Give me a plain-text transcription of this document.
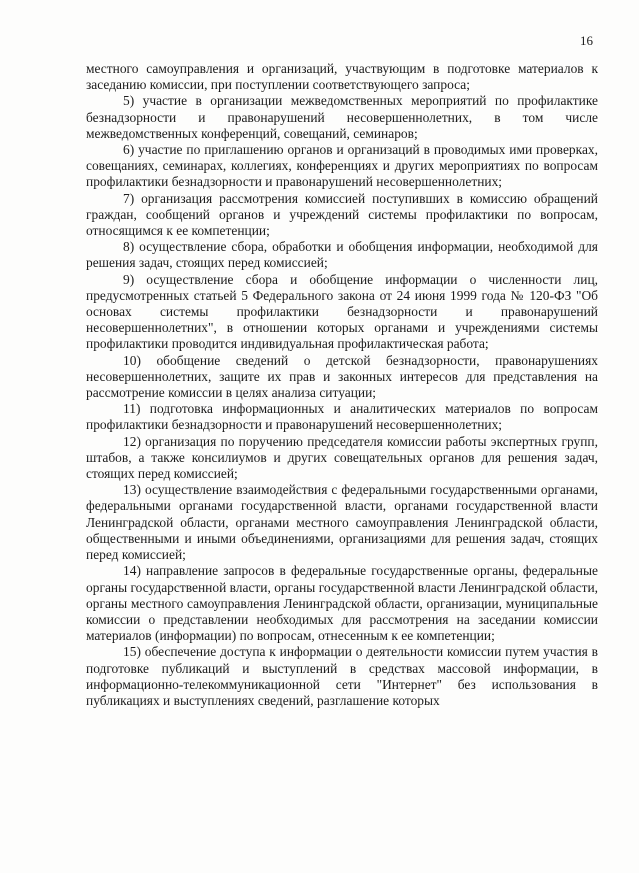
16

местного самоуправления и организаций, участвующим в подготовке материалов к заседанию комиссии, при поступлении соответствующего запроса;

5) участие в организации межведомственных мероприятий по профилактике безнадзорности и правонарушений несовершеннолетних, в том числе межведомственных конференций, совещаний, семинаров;

6) участие по приглашению органов и организаций в проводимых ими проверках, совещаниях, семинарах, коллегиях, конференциях и других мероприятиях по вопросам профилактики безнадзорности и правонарушений несовершеннолетних;

7) организация рассмотрения комиссией поступивших в комиссию обращений граждан, сообщений органов и учреждений системы профилактики по вопросам, относящимся к ее компетенции;

8) осуществление сбора, обработки и обобщения информации, необходимой для решения задач, стоящих перед комиссией;

9) осуществление сбора и обобщение информации о численности лиц, предусмотренных статьей 5 Федерального закона от 24 июня 1999 года № 120-ФЗ "Об основах системы профилактики безнадзорности и правонарушений несовершеннолетних", в отношении которых органами и учреждениями системы профилактики проводится индивидуальная профилактическая работа;

10) обобщение сведений о детской безнадзорности, правонарушениях несовершеннолетних, защите их прав и законных интересов для представления на рассмотрение комиссии в целях анализа ситуации;

11) подготовка информационных и аналитических материалов по вопросам профилактики безнадзорности и правонарушений несовершеннолетних;

12) организация по поручению председателя комиссии работы экспертных групп, штабов, а также консилиумов и других совещательных органов для решения задач, стоящих перед комиссией;

13) осуществление взаимодействия с федеральными государственными органами, федеральными органами государственной власти, органами государственной власти Ленинградской области, органами местного самоуправления Ленинградской области, общественными и иными объединениями, организациями для решения задач, стоящих перед комиссией;

14) направление запросов в федеральные государственные органы, федеральные органы государственной власти, органы государственной власти Ленинградской области, органы местного самоуправления Ленинградской области, организации, муниципальные комиссии о представлении необходимых для рассмотрения на заседании комиссии материалов (информации) по вопросам, отнесенным к ее компетенции;

15) обеспечение доступа к информации о деятельности комиссии путем участия в подготовке публикаций и выступлений в средствах массовой информации, в информационно-телекоммуникационной сети "Интернет" без использования в публикациях и выступлениях сведений, разглашение которых
